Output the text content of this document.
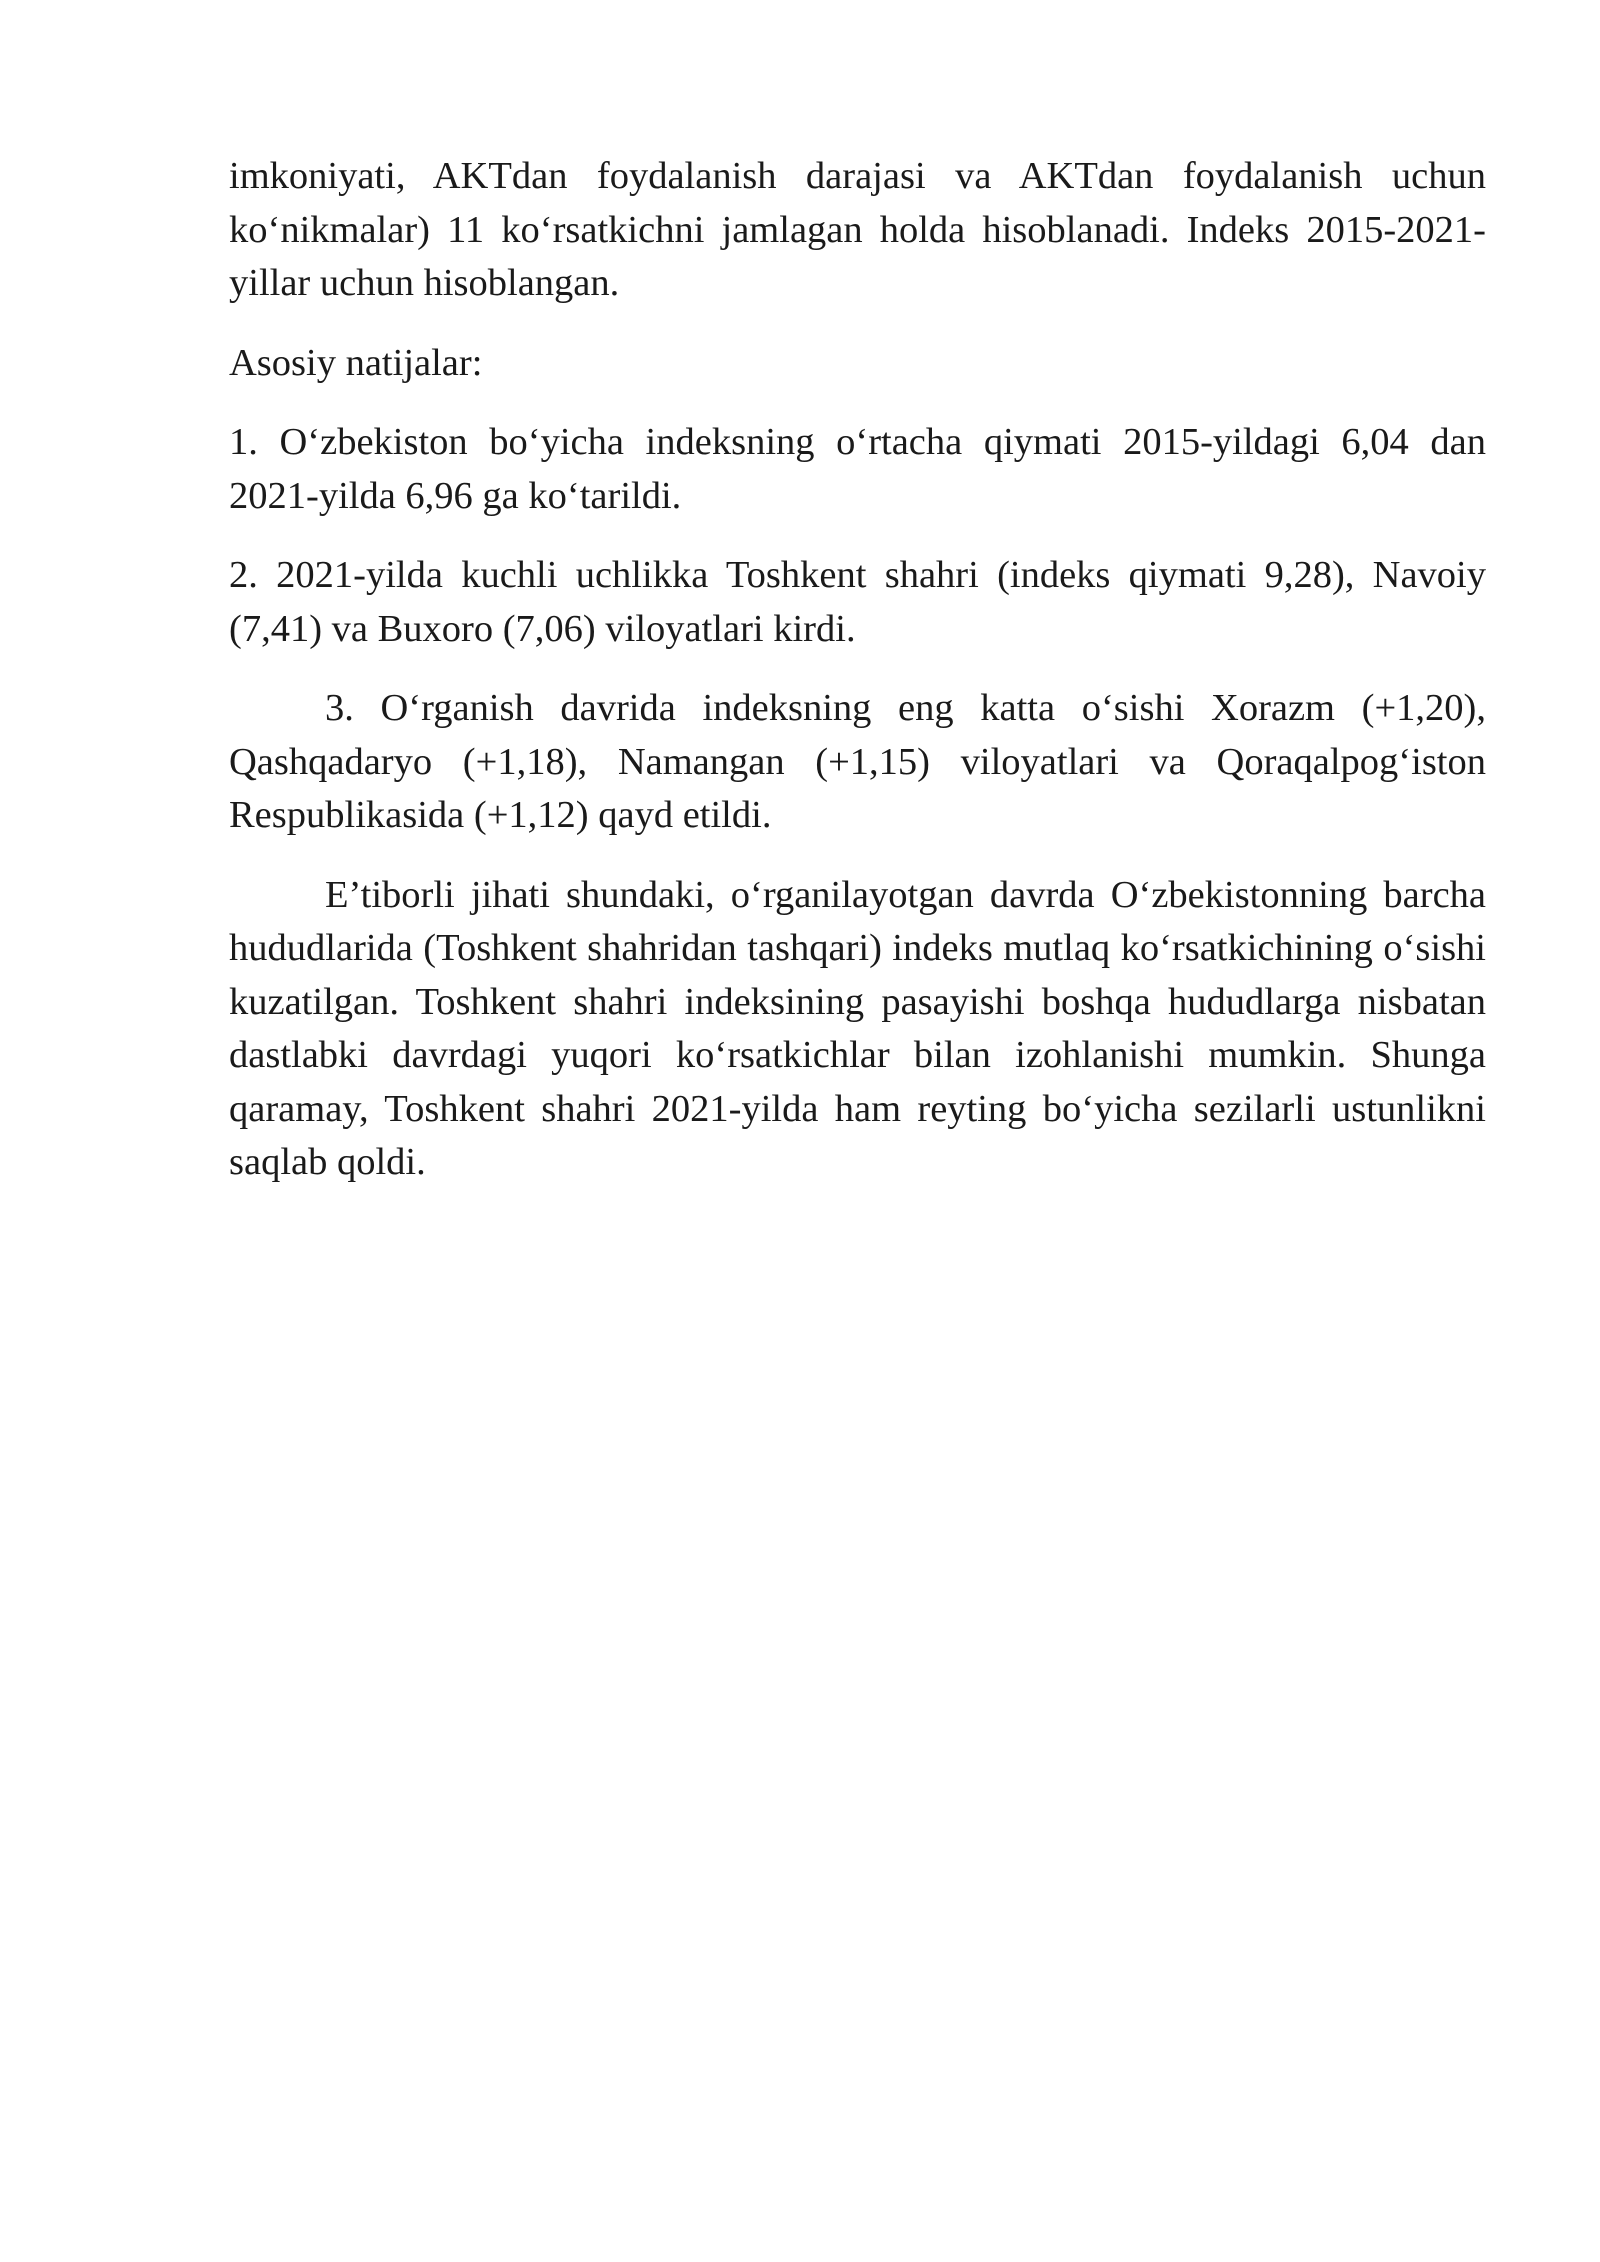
imkoniyati, AKTdan foydalanish darajasi va AKTdan foydalanish uchun koʻnikmalar) 11 koʻrsatkichni jamlagan holda hisoblanadi. Indeks 2015-2021-yillar uchun hisoblangan.

Asosiy natijalar:

1. Oʻzbekiston boʻyicha indeksning oʻrtacha qiymati 2015-yildagi 6,04 dan 2021-yilda 6,96 ga koʻtarildi.

2. 2021-yilda kuchli uchlikka Toshkent shahri (indeks qiymati 9,28), Navoiy (7,41) va Buxoro (7,06) viloyatlari kirdi.

3. Oʻrganish davrida indeksning eng katta oʻsishi Xorazm (+1,20), Qashqadaryo (+1,18), Namangan (+1,15) viloyatlari va Qoraqalpogʻiston Respublikasida (+1,12) qayd etildi.

E’tiborli jihati shundaki, oʻrganilayotgan davrda Oʻzbekistonning barcha hududlarida (Toshkent shahridan tashqari) indeks mutlaq koʻrsatkichining oʻsishi kuzatilgan. Toshkent shahri indeksining pasayishi boshqa hududlarga nisbatan dastlabki davrdagi yuqori koʻrsatkichlar bilan izohlanishi mumkin. Shunga qaramay, Toshkent shahri 2021-yilda ham reyting boʻyicha sezilarli ustunlikni saqlab qoldi.
